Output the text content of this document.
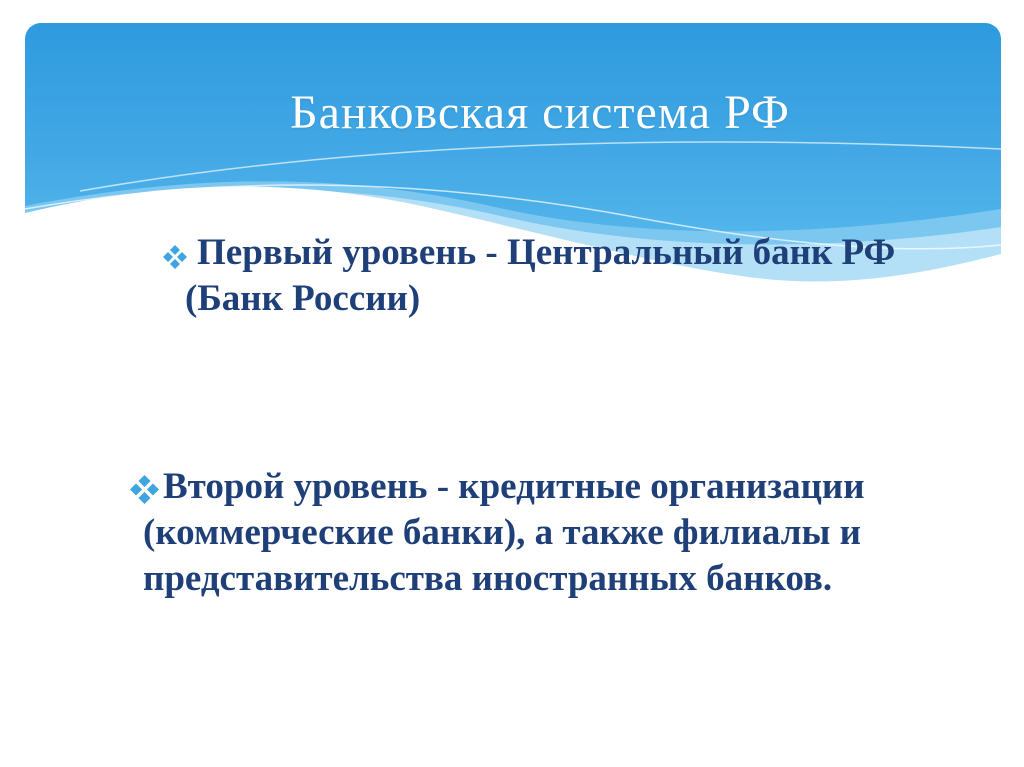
Банковская система РФ
Первый уровень - Центральный банк РФ
(Банк России)
Второй уровень - кредитные организации
(коммерческие банки), а также филиалы и
представительства иностранных банков.
